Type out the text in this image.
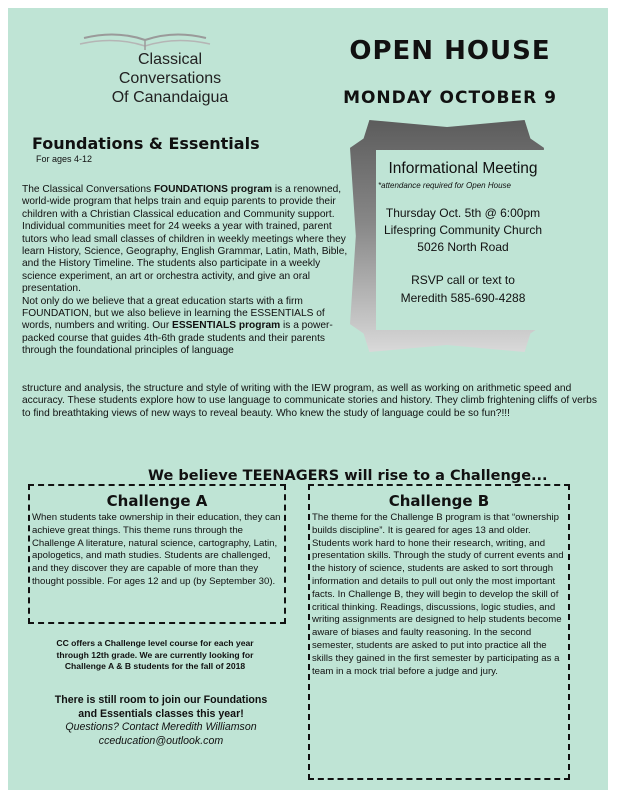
Classical
Conversations
Of Canandaigua
OPEN HOUSE
MONDAY OCTOBER 9
Informational Meeting
*attendance required for Open House
Thursday Oct. 5th @ 6:00pm
Lifespring Community Church
5026 North Road
RSVP call or text to
Meredith 585-690-4288
Foundations & Essentials
For ages 4-12

The Classical Conversations FOUNDATIONS program is a renowned, world-wide program that helps train and equip parents to provide their children with a Christian Classical education and Community support. Individual communities meet for 24 weeks a year with trained, parent tutors who lead small classes of children in weekly meetings where they learn History, Science, Geography, English Grammar, Latin, Math, Bible, and the History Timeline. The students also participate in a weekly science experiment, an art or orchestra activity, and give an oral presentation.

Not only do we believe that a great education starts with a firm FOUNDATION, but we also believe in learning the ESSENTIALS of words, numbers and writing. Our ESSENTIALS program is a power-packed course that guides 4th-6th grade students and their parents through the foundational principles of language

structure and analysis, the structure and style of writing with the IEW program, as well as working on arithmetic speed and accuracy. These students explore how to use language to communicate stories and history. They climb frightening cliffs of verbs to find breathtaking views of new ways to reveal beauty. Who knew the study of language could be so fun?!!!

We believe TEENAGERS will rise to a Challenge...
Challenge A

When students take ownership in their education, they can achieve great things. This theme runs through the Challenge A literature, natural science, cartography, Latin, apologetics, and math studies. Students are challenged, and they discover they are capable of more than they thought possible. For ages 12 and up (by September 30).

Challenge B

The theme for the Challenge B program is that “ownership builds discipline”. It is geared for ages 13 and older. Students work hard to hone their research, writing, and presentation skills. Through the study of current events and the history of science, students are asked to sort through information and details to pull out only the most important facts. In Challenge B, they will begin to develop the skill of critical thinking. Readings, discussions, logic studies, and writing assignments are designed to help students become aware of biases and faulty reasoning. In the second semester, students are asked to put into practice all the skills they gained in the first semester by participating as a team in a mock trial before a judge and jury.

CC offers a Challenge level course for each year through 12th grade. We are currently looking for Challenge A & B students for the fall of 2018

There is still room to join our Foundations
and Essentials classes this year!
Questions? Contact Meredith Williamson
cceducation@outlook.com
